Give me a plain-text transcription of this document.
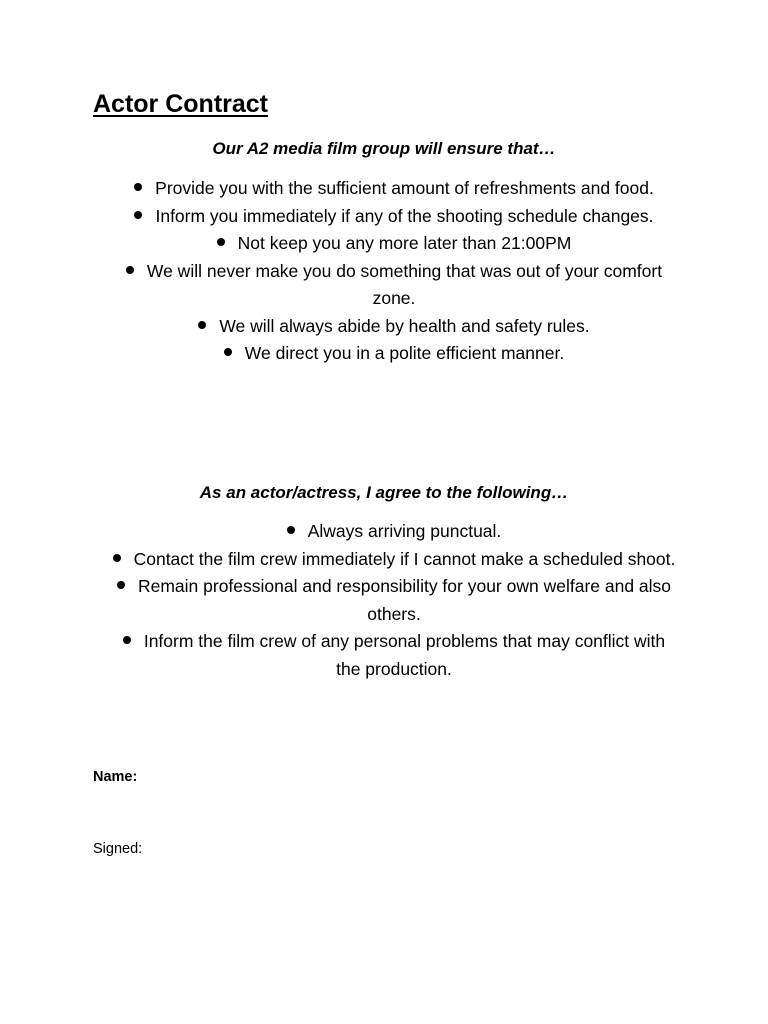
Actor Contract

Our A2 media film group will ensure that…

Provide you with the sufficient amount of refreshments and food.
Inform you immediately if any of the shooting schedule changes.
Not keep you any more later than 21:00PM
We will never make you do something that was out of your comfort zone.
We will always abide by health and safety rules.
We direct you in a polite efficient manner.

As an actor/actress, I agree to the following…

Always arriving punctual.
Contact the film crew immediately if I cannot make a scheduled shoot.
Remain professional and responsibility for your own welfare and also others.
Inform the film crew of any personal problems that may conflict with the production.

Name:

Signed:
